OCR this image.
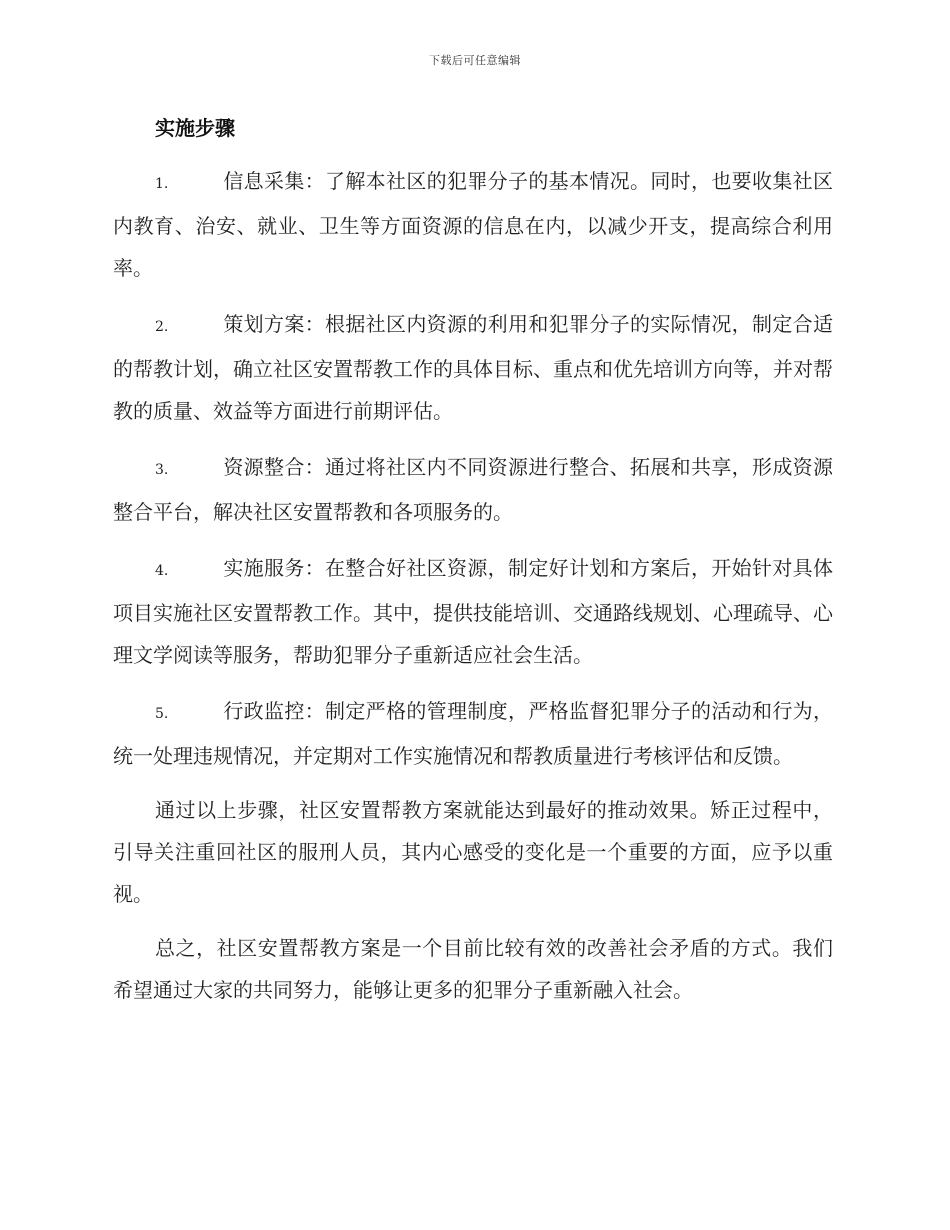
下载后可任意编辑
实施步骤

1.	信息采集：了解本社区的犯罪分子的基本情况。同时，也要收集社区内教育、治安、就业、卫生等方面资源的信息在内，以减少开支，提高综合利用率。

2.	策划方案：根据社区内资源的利用和犯罪分子的实际情况，制定合适的帮教计划，确立社区安置帮教工作的具体目标、重点和优先培训方向等，并对帮教的质量、效益等方面进行前期评估。

3.	资源整合：通过将社区内不同资源进行整合、拓展和共享，形成资源整合平台，解决社区安置帮教和各项服务的。

4.	实施服务：在整合好社区资源，制定好计划和方案后，开始针对具体项目实施社区安置帮教工作。其中，提供技能培训、交通路线规划、心理疏导、心理文学阅读等服务，帮助犯罪分子重新适应社会生活。

5.	行政监控：制定严格的管理制度，严格监督犯罪分子的活动和行为，统一处理违规情况，并定期对工作实施情况和帮教质量进行考核评估和反馈。

通过以上步骤，社区安置帮教方案就能达到最好的推动效果。矫正过程中，引导关注重回社区的服刑人员，其内心感受的变化是一个重要的方面，应予以重视。

总之，社区安置帮教方案是一个目前比较有效的改善社会矛盾的方式。我们希望通过大家的共同努力，能够让更多的犯罪分子重新融入社会。
